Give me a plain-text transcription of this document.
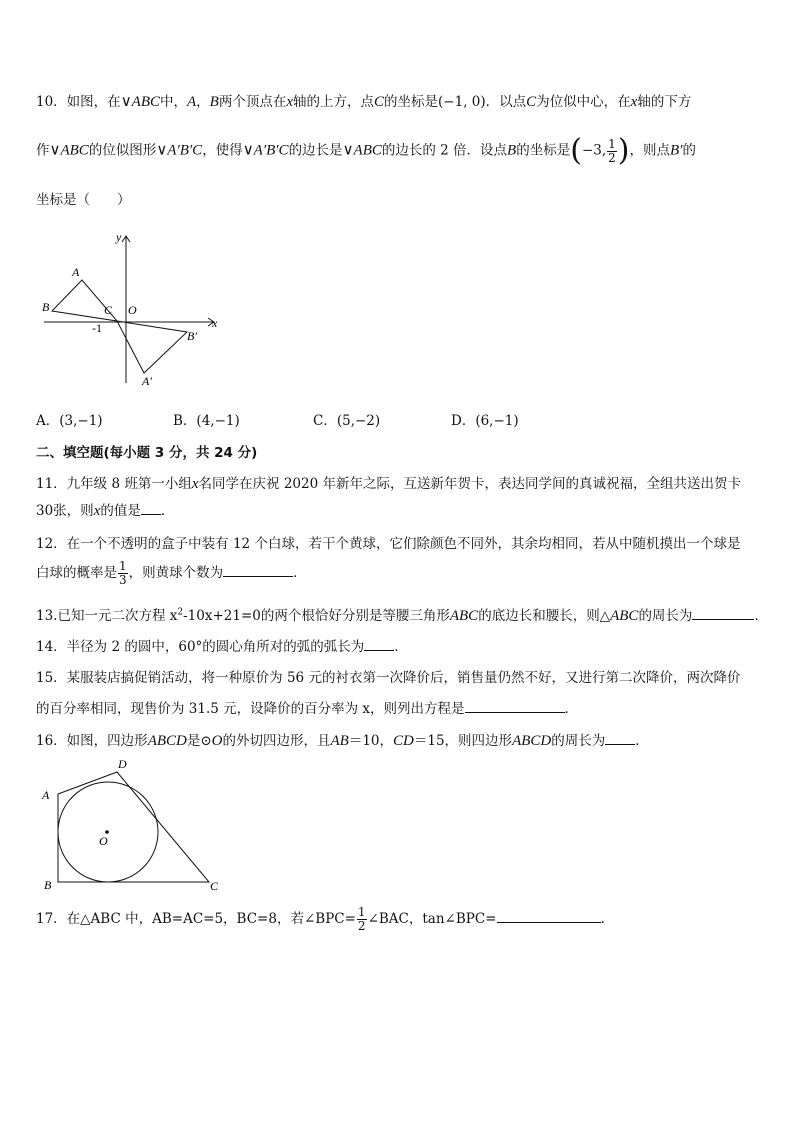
10．如图，在∨ABC中，A，B两个顶点在x轴的上方，点C的坐标是(−1, 0)．以点C为位似中心，在x轴的下方
作∨ABC的位似图形∨A′B′C，使得∨A′B′C的边长是∨ABC的边长的 2 倍．设点B的坐标是(−3, $\frac{1}{2}$ )，则点B′的
坐标是（　　）
y
x
A
B	C O
-1
B′
A′
A．(3,−1)	B．(4,−1)	C．(5,−2)	D．(6,−1)
二、填空题(每小题 3 分，共 24 分)
11．九年级 8 班第一小组x名同学在庆祝 2020 年新年之际，互送新年贺卡，表达同学间的真诚祝福，全组共送出贺卡
30张，则x的值是 ．
12．在一个不透明的盒子中装有 12 个白球，若干个黄球，它们除颜色不同外，其余均相同，若从中随机摸出一个球是
白球的概率是 $\frac{1}{3}$ ，则黄球个数为	．
13.已知一元二次方程 $x^2-10x+21=0$的两个根恰好分别是等腰三角形ABC的底边长和腰长，则△ABC的周长为	．
14．半径为 2 的圆中，60°的圆心角所对的弧的弧长为 .
15．某服装店搞促销活动，将一种原价为 56 元的衬衣第一次降价后，销售量仍然不好，又进行第二次降价，两次降价
的百分率相同，现售价为 31.5 元，设降价的百分率为 x，则列出方程是	．
16．如图，四边形ABCD是⊙O的外切四边形，且AB＝10，CD＝15，则四边形ABCD的周长为 ．
A
B	C
D
O
17．在△ABC 中，AB=AC=5，BC=8，若∠BPC= $\frac{1}{2}$ ∠BAC，tan∠BPC=	.
